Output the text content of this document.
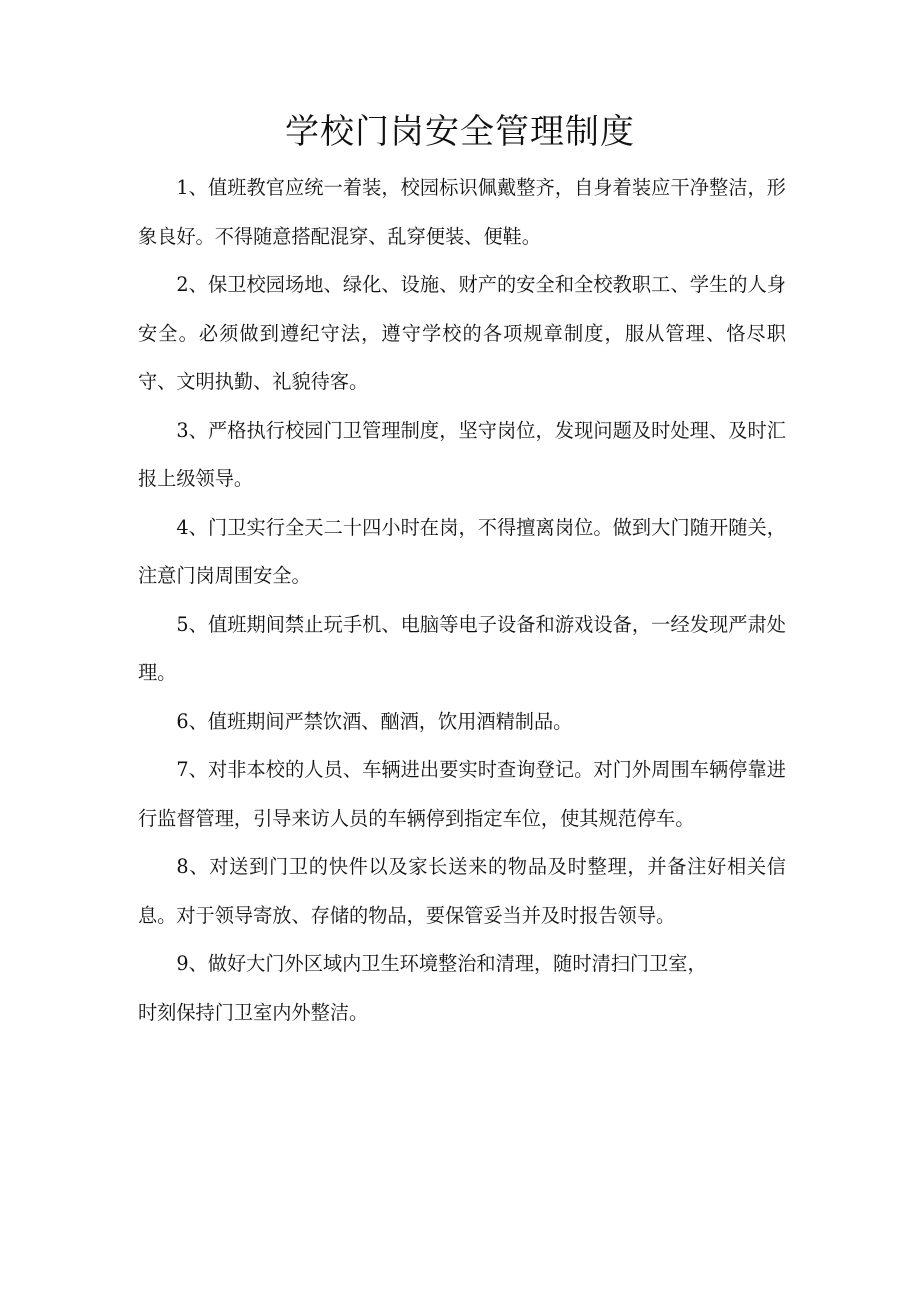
学校门岗安全管理制度

1、值班教官应统一着装，校园标识佩戴整齐，自身着装应干净整洁，形象良好。不得随意搭配混穿、乱穿便装、便鞋。

2、保卫校园场地、绿化、设施、财产的安全和全校教职工、学生的人身安全。必须做到遵纪守法，遵守学校的各项规章制度，服从管理、恪尽职守、文明执勤、礼貌待客。

3、严格执行校园门卫管理制度，坚守岗位，发现问题及时处理、及时汇报上级领导。

4、门卫实行全天二十四小时在岗，不得擅离岗位。做到大门随开随关，注意门岗周围安全。

5、值班期间禁止玩手机、电脑等电子设备和游戏设备，一经发现严肃处理。

6、值班期间严禁饮酒、酗酒，饮用酒精制品。

7、对非本校的人员、车辆进出要实时查询登记。对门外周围车辆停靠进行监督管理，引导来访人员的车辆停到指定车位，使其规范停车。

8、对送到门卫的快件以及家长送来的物品及时整理，并备注好相关信息。对于领导寄放、存储的物品，要保管妥当并及时报告领导。

9、做好大门外区域内卫生环境整治和清理，随时清扫门卫室，

时刻保持门卫室内外整洁。
